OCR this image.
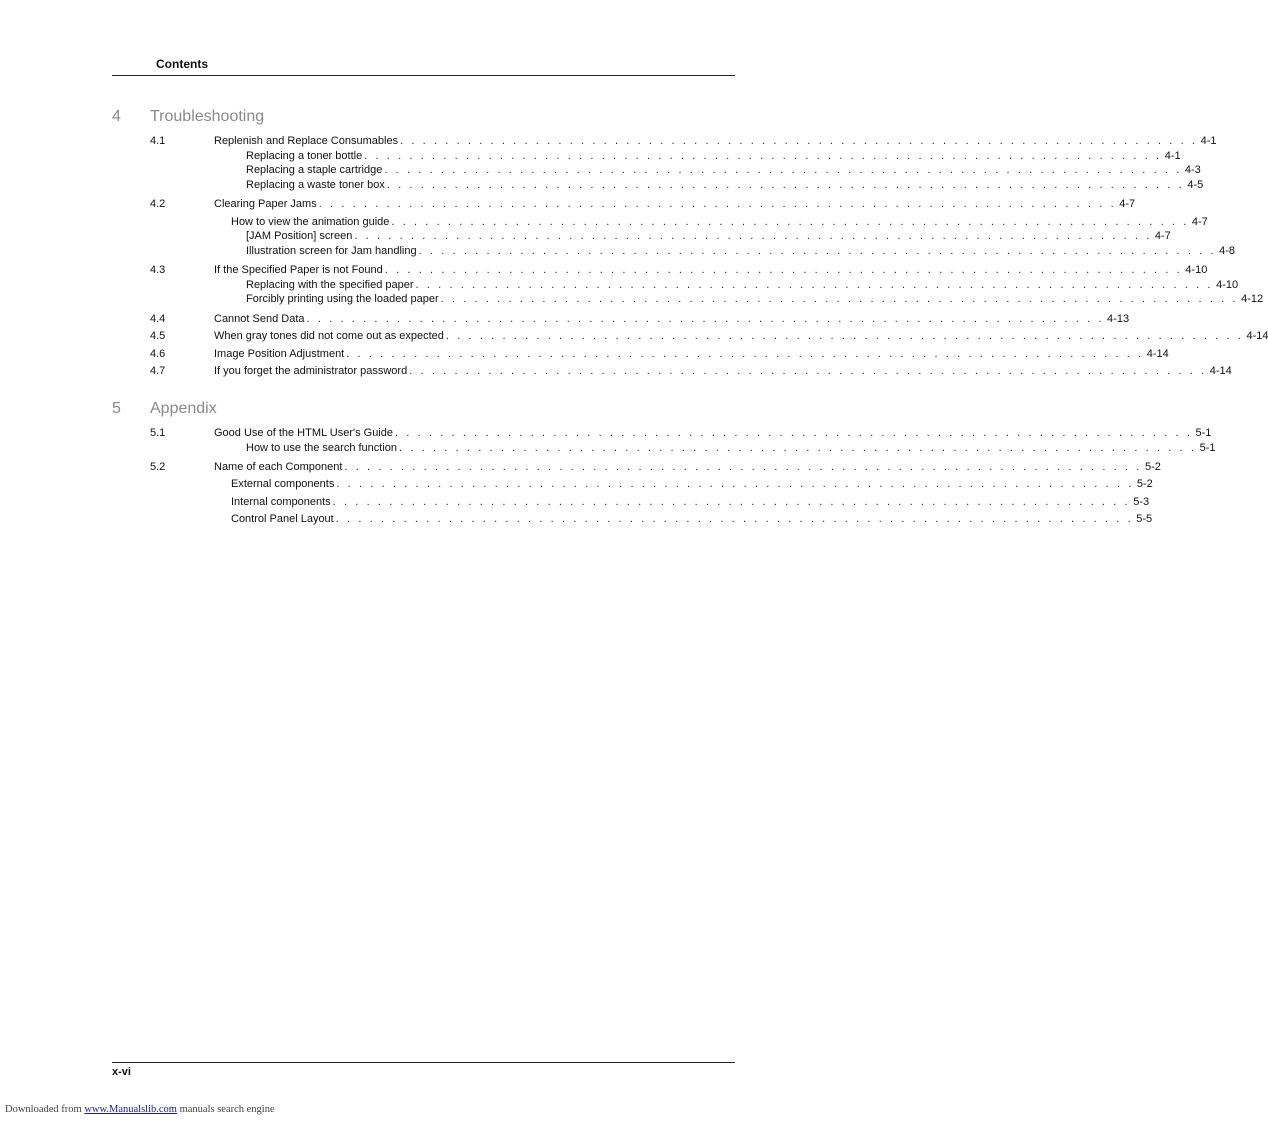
Contents
4 Troubleshooting
4.1	Replenish and Replace Consumables . . . . . . . . . . . . . . . . . . . . . . . . . . . . . . . . . . . . . . . . . . . . . . . . . . . . . . . . . . . . . . . . . . . . . . . 4-1
Replacing a toner bottle . . . . . . . . . . . . . . . . . . . . . . . . . . . . . . . . . . . . . . . . . . . . . . . . . . . . . . . . . . . . . . . . . . . . . . . 4-1
Replacing a staple cartridge . . . . . . . . . . . . . . . . . . . . . . . . . . . . . . . . . . . . . . . . . . . . . . . . . . . . . . . . . . . . . . . . . . . . . . . 4-3
Replacing a waste toner box . . . . . . . . . . . . . . . . . . . . . . . . . . . . . . . . . . . . . . . . . . . . . . . . . . . . . . . . . . . . . . . . . . . . . . . 4-5
4.2	Clearing Paper Jams . . . . . . . . . . . . . . . . . . . . . . . . . . . . . . . . . . . . . . . . . . . . . . . . . . . . . . . . . . . . . . . . . . . . . . . 4-7
How to view the animation guide . . . . . . . . . . . . . . . . . . . . . . . . . . . . . . . . . . . . . . . . . . . . . . . . . . . . . . . . . . . . . . . . . . . . . . . 4-7
[JAM Position] screen . . . . . . . . . . . . . . . . . . . . . . . . . . . . . . . . . . . . . . . . . . . . . . . . . . . . . . . . . . . . . . . . . . . . . . . 4-7
Illustration screen for Jam handling . . . . . . . . . . . . . . . . . . . . . . . . . . . . . . . . . . . . . . . . . . . . . . . . . . . . . . . . . . . . . . . . . . . . . . . 4-8
4.3	If the Specified Paper is not Found . . . . . . . . . . . . . . . . . . . . . . . . . . . . . . . . . . . . . . . . . . . . . . . . . . . . . . . . . . . . . . . . . . . . . . . 4-10
Replacing with the specified paper . . . . . . . . . . . . . . . . . . . . . . . . . . . . . . . . . . . . . . . . . . . . . . . . . . . . . . . . . . . . . . . . . . . . . . . 4-10
Forcibly printing using the loaded paper . . . . . . . . . . . . . . . . . . . . . . . . . . . . . . . . . . . . . . . . . . . . . . . . . . . . . . . . . . . . . . . . . . . . . . . 4-12
4.4	Cannot Send Data . . . . . . . . . . . . . . . . . . . . . . . . . . . . . . . . . . . . . . . . . . . . . . . . . . . . . . . . . . . . . . . . . . . . . . . 4-13
4.5	When gray tones did not come out as expected . . . . . . . . . . . . . . . . . . . . . . . . . . . . . . . . . . . . . . . . . . . . . . . . . . . . . . . . . . . . . . . . . . . . . . . 4-14
4.6	Image Position Adjustment . . . . . . . . . . . . . . . . . . . . . . . . . . . . . . . . . . . . . . . . . . . . . . . . . . . . . . . . . . . . . . . . . . . . . . . 4-14
4.7	If you forget the administrator password . . . . . . . . . . . . . . . . . . . . . . . . . . . . . . . . . . . . . . . . . . . . . . . . . . . . . . . . . . . . . . . . . . . . . . . 4-14
5 Appendix
5.1	Good Use of the HTML User's Guide . . . . . . . . . . . . . . . . . . . . . . . . . . . . . . . . . . . . . . . . . . . . . . . . . . . . . . . . . . . . . . . . . . . . . . . 5-1
How to use the search function . . . . . . . . . . . . . . . . . . . . . . . . . . . . . . . . . . . . . . . . . . . . . . . . . . . . . . . . . . . . . . . . . . . . . . . 5-1
5.2	Name of each Component . . . . . . . . . . . . . . . . . . . . . . . . . . . . . . . . . . . . . . . . . . . . . . . . . . . . . . . . . . . . . . . . . . . . . . . 5-2
External components . . . . . . . . . . . . . . . . . . . . . . . . . . . . . . . . . . . . . . . . . . . . . . . . . . . . . . . . . . . . . . . . . . . . . . . 5-2
Internal components . . . . . . . . . . . . . . . . . . . . . . . . . . . . . . . . . . . . . . . . . . . . . . . . . . . . . . . . . . . . . . . . . . . . . . . 5-3
Control Panel Layout . . . . . . . . . . . . . . . . . . . . . . . . . . . . . . . . . . . . . . . . . . . . . . . . . . . . . . . . . . . . . . . . . . . . . . . 5-5
x-vi
Downloaded from www.Manualslib.com manuals search engine
